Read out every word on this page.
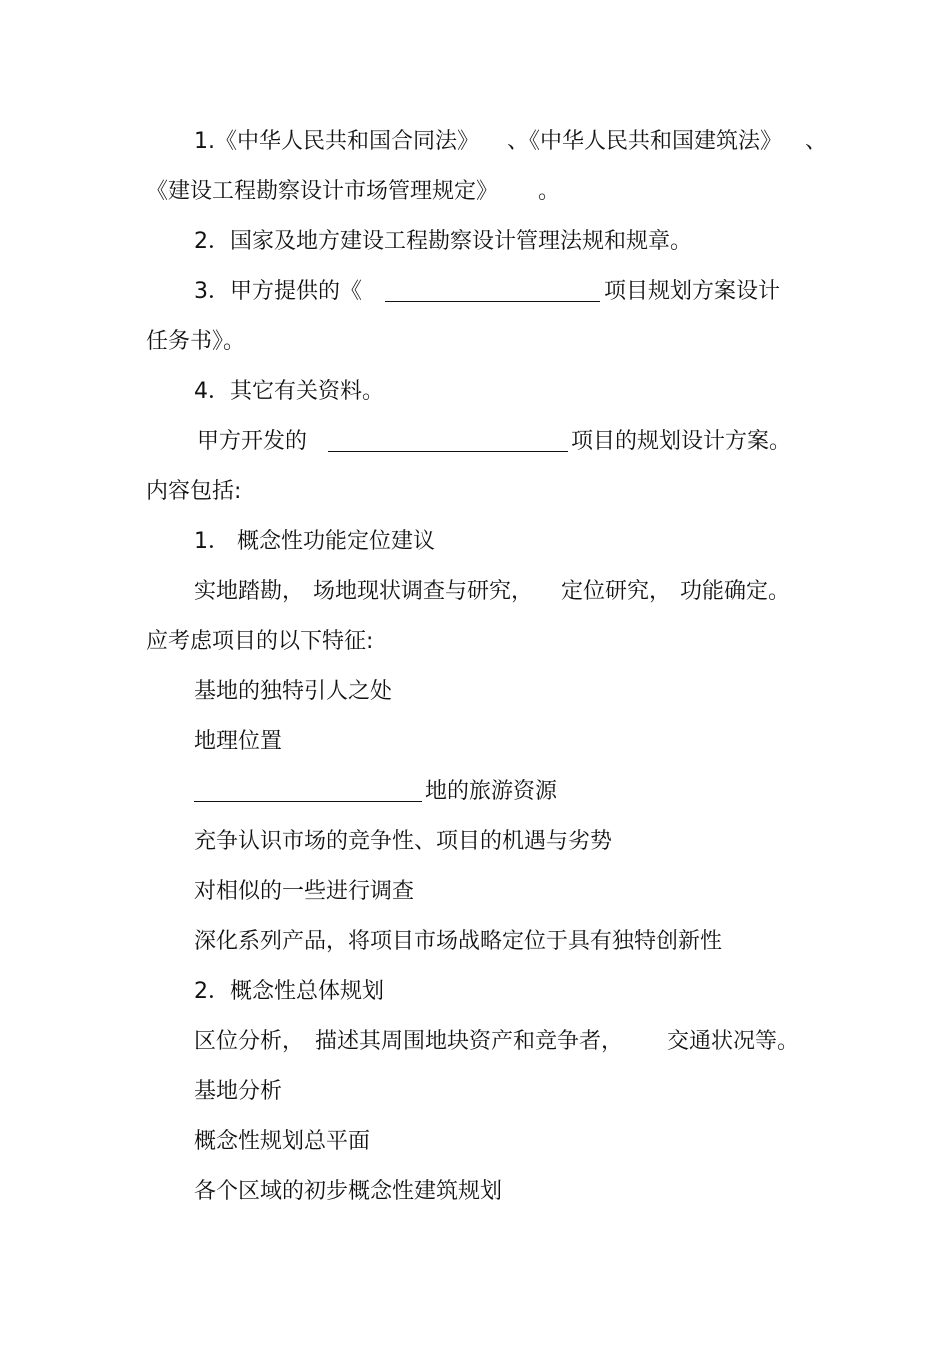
1.《中华人民共和国合同法》 、《中华人民共和国建筑法》 、
《建设工程勘察设计市场管理规定》 。
2．国家及地方建设工程勘察设计管理法规和规章。
3．甲方提供的《	项目规划方案设计
任务书》。
4．其它有关资料。
甲方开发的	项目的规划设计方案。
内容包括:
1． 概念性功能定位建议
实地踏勘， 场地现状调查与研究， 定位研究， 功能确定。
应考虑项目的以下特征:
基地的独特引人之处
地理位置
地的旅游资源
充争认识市场的竞争性、项目的机遇与劣势
对相似的一些进行调查
深化系列产品，将项目市场战略定位于具有独特创新性
2．概念性总体规划
区位分析， 描述其周围地块资产和竞争者， 交通状况等。
基地分析
概念性规划总平面
各个区域的初步概念性建筑规划
